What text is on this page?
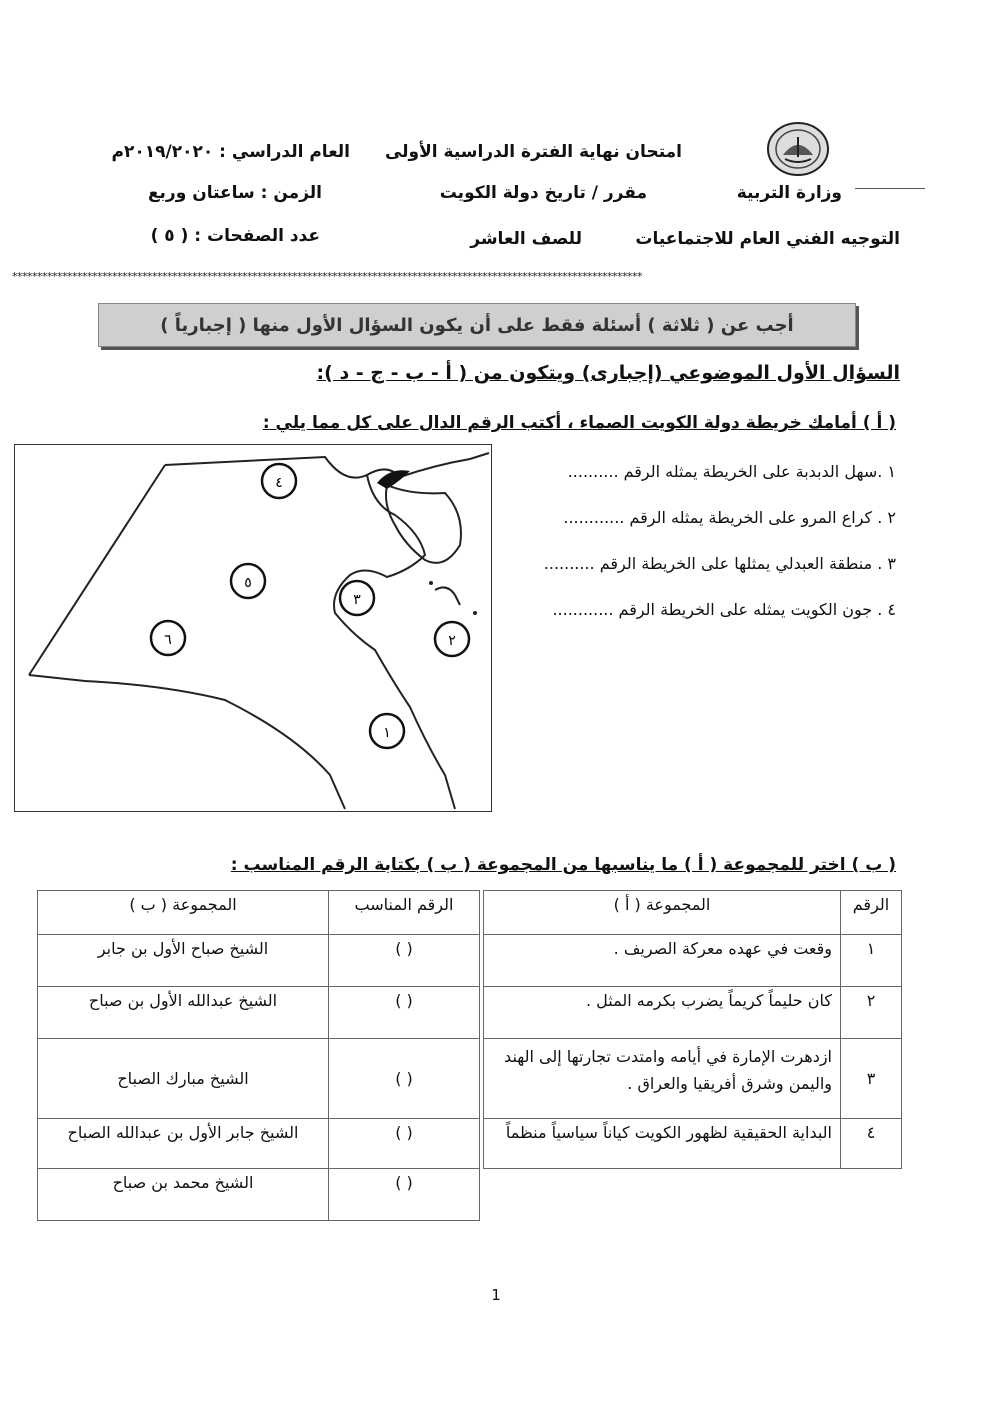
وزارة التربية
التوجيه الفني العام للاجتماعيات
امتحان نهاية الفترة الدراسية الأولى
مقرر / تاريخ دولة الكويت
للصف العاشر
العام الدراسي : ٢٠١٩/٢٠٢٠م
الزمن : ساعتان وربع
عدد الصفحات : ( ٥ )
******************************************************************************************************************************
أجب عن ( ثلاثة ) أسئلة فقط على أن يكون السؤال الأول منها ( إجبارياً )
السؤال الأول الموضوعي (إجبارى) ويتكون من ( أ - ب - ج - د ):
( أ ) أمامك خريطة دولة الكويت الصماء ، أكتب الرقم الدال على كل مما يلي :
١ .سهل الدبدبة على الخريطة يمثله الرقم ..........
٢ . كراع المرو على الخريطة يمثله الرقم ............
٣ . منطقة العبدلي يمثلها على الخريطة الرقم ..........
٤ . جون الكويت يمثله على الخريطة الرقم ............
٤
٥
٣
٦	٢
١
( ب ) اختر للمجموعة ( أ ) ما يناسبها من المجموعة ( ب ) بكتابة الرقم المناسب :
الرقم	المجموعة ( أ )
١	وقعت في عهده معركة الصريف .
٢	كان حليماً كريماً يضرب بكرمه المثل .
٣	ازدهرت الإمارة في أيامه وامتدت تجارتها إلى الهند واليمن وشرق أفريقيا والعراق .
٤	البداية الحقيقية لظهور الكويت كياناً سياسياً منظماً
الرقم المناسب	المجموعة ( ب )
( )	الشيخ صباح الأول بن جابر
( )	الشيخ عبدالله الأول بن صباح
( )	الشيخ مبارك الصباح
( )	الشيخ جابر الأول بن عبدالله الصباح
( )	الشيخ محمد بن صباح
1
